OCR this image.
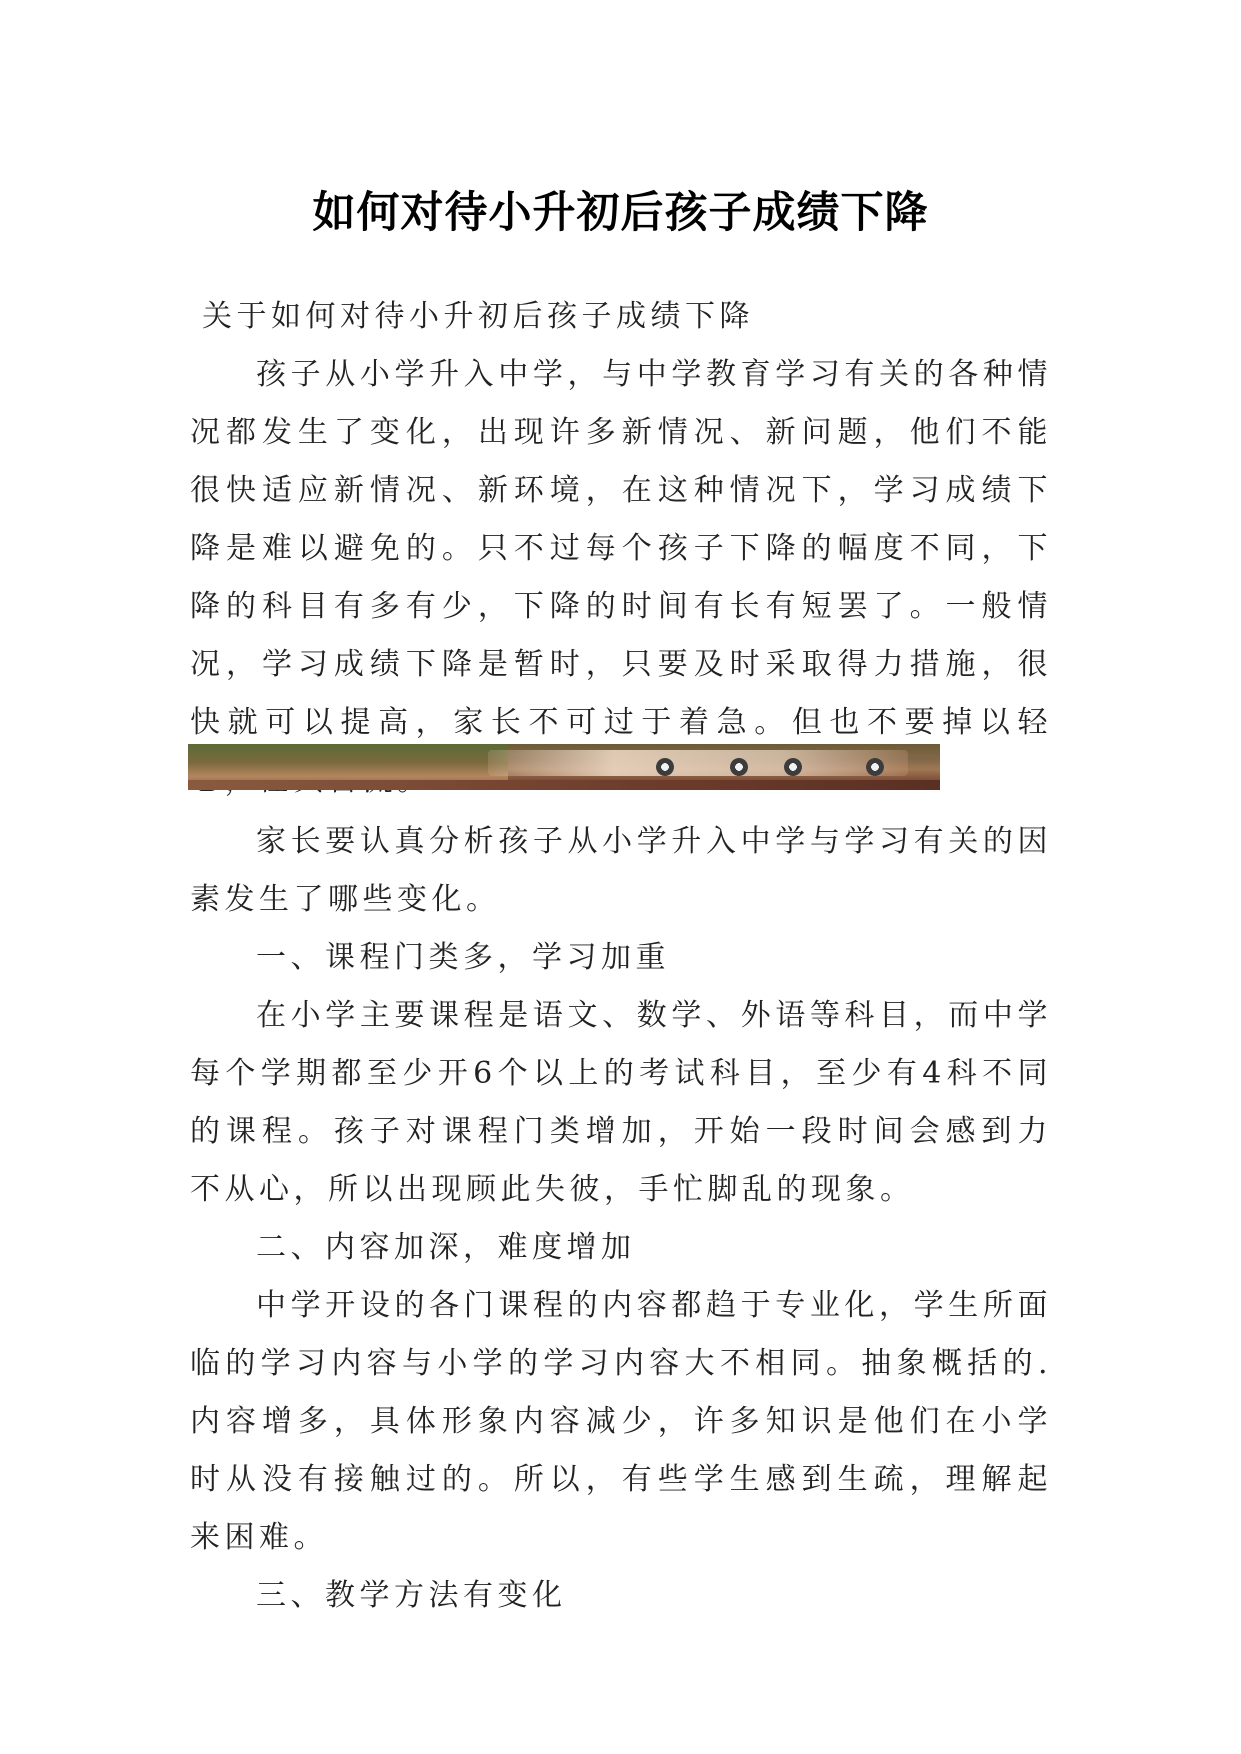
如何对待小升初后孩子成绩下降

关于如何对待小升初后孩子成绩下降

孩子从小学升入中学，与中学教育学习有关的各种情况都发生了变化，出现许多新情况、新问题，他们不能很快适应新情况、新环境，在这种情况下，学习成绩下降是难以避免的。只不过每个孩子下降的幅度不同，下降的科目有多有少，下降的时间有长有短罢了。一般情况，学习成绩下降是暂时，只要及时采取得力措施，很快就可以提高，家长不可过于着急。但也不要掉以轻

家长要认真分析孩子从小学升入中学与学习有关的因素发生了哪些变化。

一、课程门类多，学习加重

在小学主要课程是语文、数学、外语等科目，而中学每个学期都至少开6个以上的考试科目，至少有4科不同的课程。孩子对课程门类增加，开始一段时间会感到力不从心，所以出现顾此失彼，手忙脚乱的现象。

二、内容加深，难度增加

中学开设的各门课程的内容都趋于专业化，学生所面临的学习内容与小学的学习内容大不相同。抽象概括的.内容增多，具体形象内容减少，许多知识是他们在小学时从没有接触过的。所以，有些学生感到生疏，理解起来困难。

三、教学方法有变化
